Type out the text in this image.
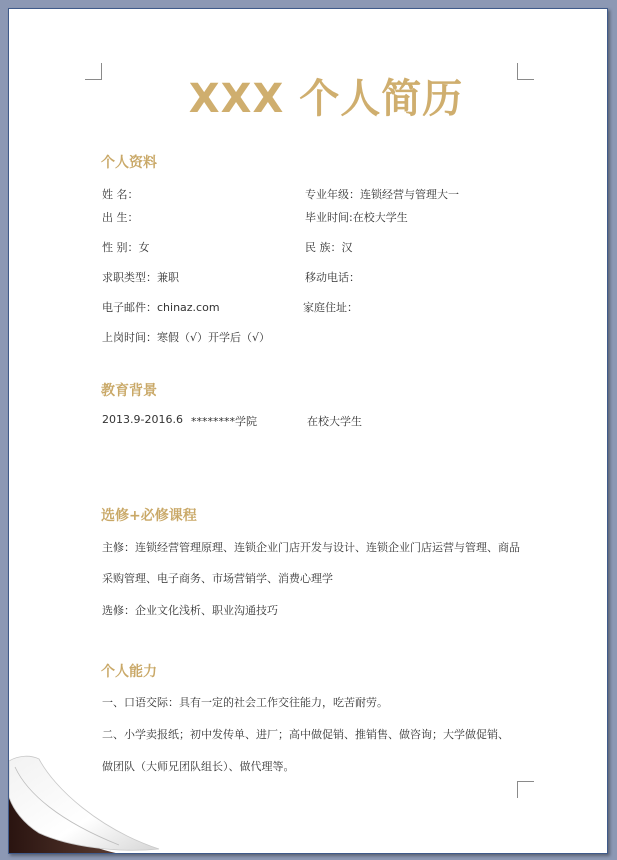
XXX 个人简历
个人资料
姓 名：	专业年级：连锁经营与管理大一
出 生：	毕业时间:在校大学生
性 别：女	民 族：汉
求职类型：兼职	移动电话：
电子邮件：chinaz.com	家庭住址：
上岗时间：寒假（√）开学后（√）
教育背景
2013.9-2016.6 ********学院	在校大学生
选修+必修课程
主修：连锁经营管理原理、连锁企业门店开发与设计、连锁企业门店运营与管理、商品
采购管理、电子商务、市场营销学、消费心理学
选修：企业文化浅析、职业沟通技巧
个人能力
一、口语交际：具有一定的社会工作交往能力，吃苦耐劳。
二、小学卖报纸；初中发传单、进厂；高中做促销、推销售、做咨询；大学做促销、
做团队（大师兄团队组长）、做代理等。
